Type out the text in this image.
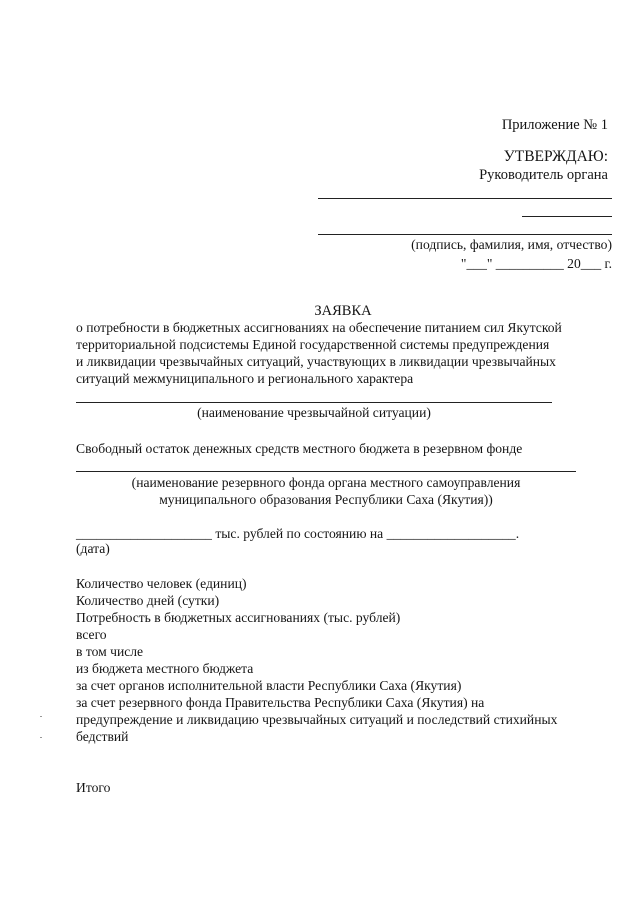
Приложение № 1
УТВЕРЖДАЮ:
Руководитель органа
(подпись, фамилия, имя, отчество)
"___" __________ 20___ г.
ЗАЯВКА

о потребности в бюджетных ассигнованиях на обеспечение питанием сил Якутской

территориальной подсистемы Единой государственной системы предупреждения

и ликвидации чрезвычайных ситуаций, участвующих в ликвидации чрезвычайных

ситуаций межмуниципального и регионального характера

(наименование чрезвычайной ситуации)
Свободный остаток денежных средств местного бюджета в резервном фонде
(наименование резервного фонда органа местного самоуправления
муниципального образования Республики Саха (Якутия))
____________________ тыс. рублей по состоянию на ___________________.
(дата)

Количество человек (единиц)

Количество дней (сутки)

Потребность в бюджетных ассигнованиях (тыс. рублей)

всего

в том числе

из бюджета местного бюджета

за счет органов исполнительной власти Республики Саха (Якутия)

за счет резервного фонда Правительства Республики Саха (Якутия) на

предупреждение и ликвидацию чрезвычайных ситуаций и последствий стихийных

бедствий

Итого
